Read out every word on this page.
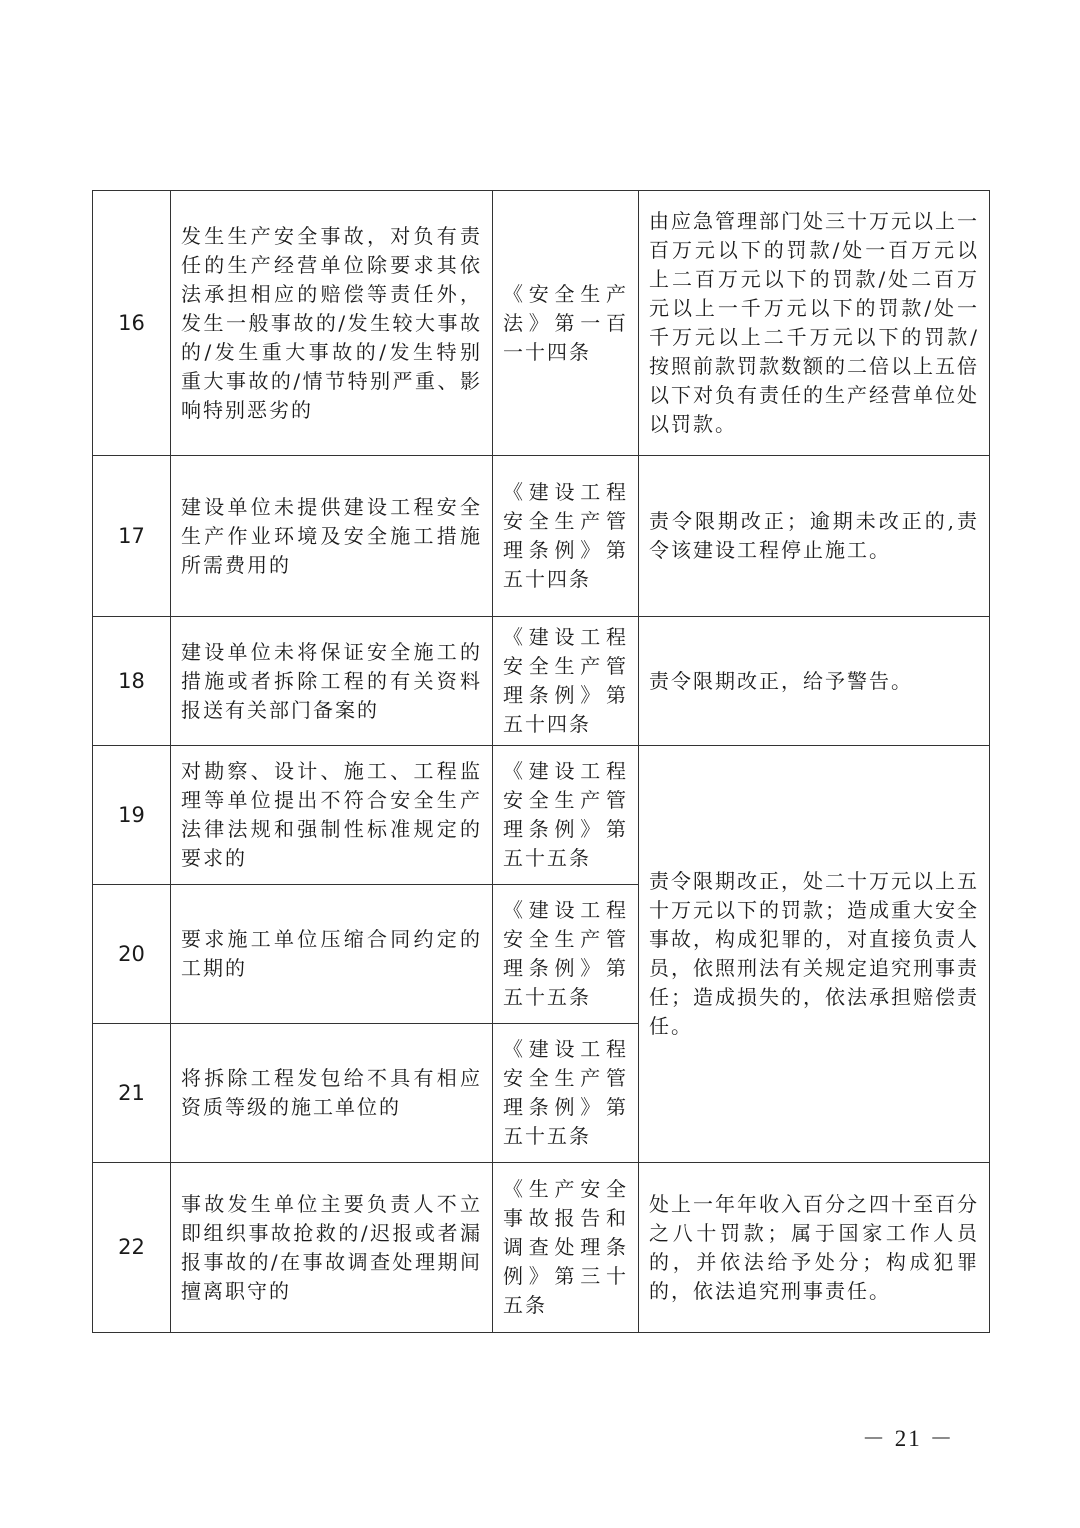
16	发生生产安全事故，对负有责任的生产经营单位除要求其依法承担相应的赔偿等责任外，发生一般事故的/发生较大事故的/发生重大事故的/发生特别重大事故的/情节特别严重、影响特别恶劣的	《安全生产法》第一百一十四条	由应急管理部门处三十万元以上一百万元以下的罚款/处一百万元以上二百万元以下的罚款/处二百万元以上一千万元以下的罚款/处一千万元以上二千万元以下的罚款/按照前款罚款数额的二倍以上五倍以下对负有责任的生产经营单位处以罚款。
17	建设单位未提供建设工程安全生产作业环境及安全施工措施所需费用的	《建设工程安全生产管理条例》第五十四条	责令限期改正；逾期未改正的,责令该建设工程停止施工。
18	建设单位未将保证安全施工的措施或者拆除工程的有关资料报送有关部门备案的	《建设工程安全生产管理条例》第五十四条	责令限期改正，给予警告。
19	对勘察、设计、施工、工程监理等单位提出不符合安全生产法律法规和强制性标准规定的要求的	《建设工程安全生产管理条例》第五十五条	责令限期改正，处二十万元以上五十万元以下的罚款；造成重大安全事故，构成犯罪的，对直接负责人员，依照刑法有关规定追究刑事责任；造成损失的，依法承担赔偿责任。
20	要求施工单位压缩合同约定的工期的	《建设工程安全生产管理条例》第五十五条	
21	将拆除工程发包给不具有相应资质等级的施工单位的	《建设工程安全生产管理条例》第五十五条	
22	事故发生单位主要负责人不立即组织事故抢救的/迟报或者漏报事故的/在事故调查处理期间擅离职守的	《生产安全事故报告和调查处理条例》第三十五条	处上一年年收入百分之四十至百分之八十罚款；属于国家工作人员的，并依法给予处分；构成犯罪的，依法追究刑事责任。
－ 21 －
